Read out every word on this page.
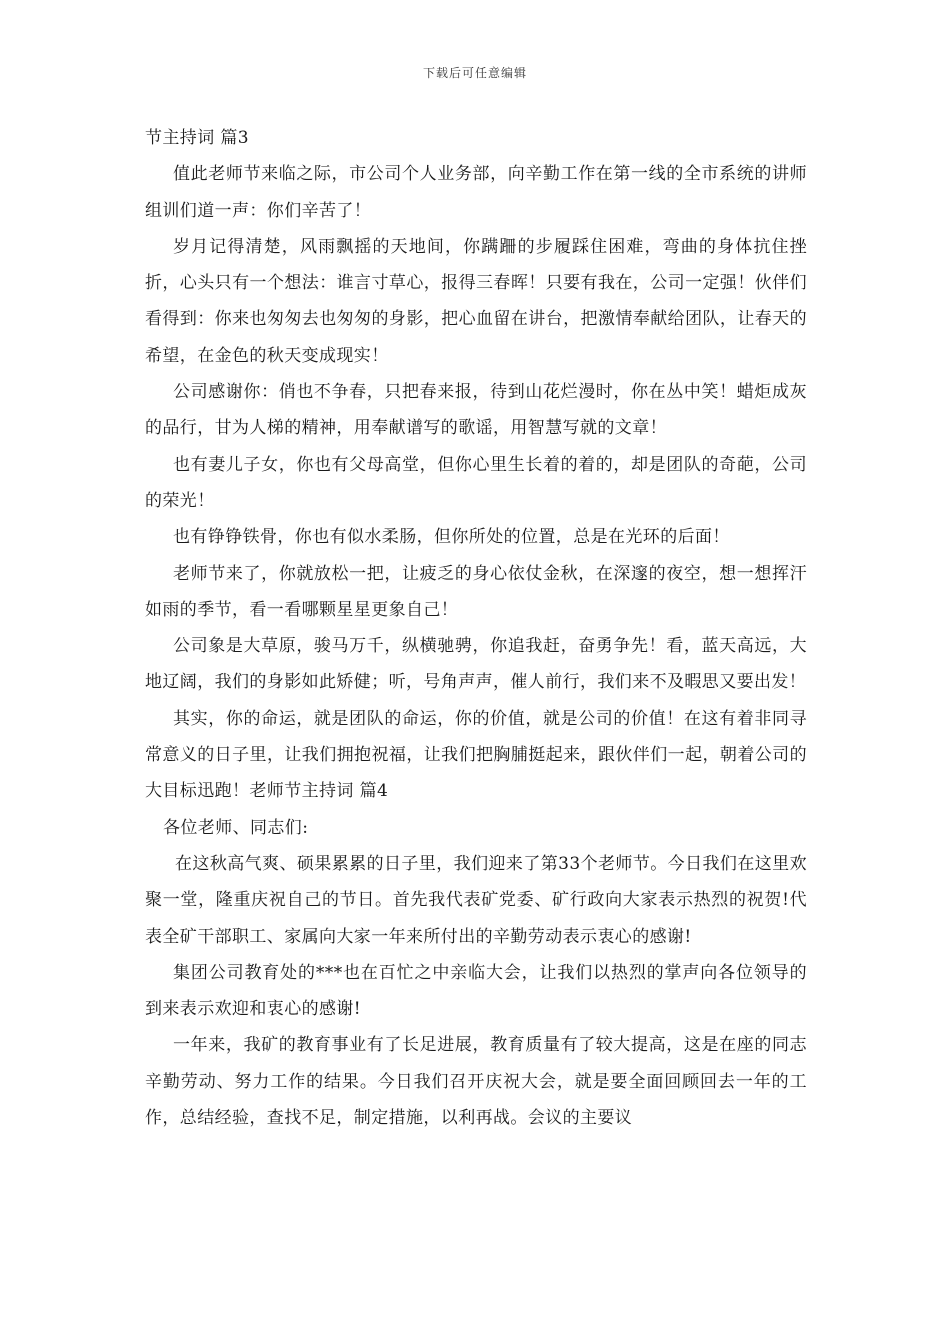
下载后可任意编辑

节主持词 篇3

值此老师节来临之际，市公司个人业务部，向辛勤工作在第一线的全市系统的讲师组训们道一声：你们辛苦了！

岁月记得清楚，风雨飘摇的天地间，你蹒跚的步履踩住困难，弯曲的身体抗住挫折，心头只有一个想法：谁言寸草心，报得三春晖！只要有我在，公司一定强！伙伴们看得到：你来也匆匆去也匆匆的身影，把心血留在讲台，把激情奉献给团队，让春天的希望，在金色的秋天变成现实！

公司感谢你：俏也不争春，只把春来报，待到山花烂漫时，你在丛中笑！蜡炬成灰的品行，甘为人梯的精神，用奉献谱写的歌谣，用智慧写就的文章！

也有妻儿子女，你也有父母高堂，但你心里生长着的着的，却是团队的奇葩，公司的荣光！

也有铮铮铁骨，你也有似水柔肠，但你所处的位置，总是在光环的后面！

老师节来了，你就放松一把，让疲乏的身心依仗金秋，在深邃的夜空，想一想挥汗如雨的季节，看一看哪颗星星更象自己！

公司象是大草原，骏马万千，纵横驰骋，你追我赶，奋勇争先！看，蓝天高远，大地辽阔，我们的身影如此矫健；听，号角声声，催人前行，我们来不及暇思又要出发！

其实，你的命运，就是团队的命运，你的价值，就是公司的价值！在这有着非同寻常意义的日子里，让我们拥抱祝福，让我们把胸脯挺起来，跟伙伴们一起，朝着公司的大目标迅跑！老师节主持词 篇4

各位老师、同志们:

在这秋高气爽、硕果累累的日子里，我们迎来了第33个老师节。今日我们在这里欢聚一堂，隆重庆祝自己的节日。首先我代表矿党委、矿行政向大家表示热烈的祝贺!代表全矿干部职工、家属向大家一年来所付出的辛勤劳动表示衷心的感谢!

集团公司教育处的***也在百忙之中亲临大会，让我们以热烈的掌声向各位领导的到来表示欢迎和衷心的感谢!

一年来，我矿的教育事业有了长足进展，教育质量有了较大提高，这是在座的同志辛勤劳动、努力工作的结果。今日我们召开庆祝大会，就是要全面回顾回去一年的工作，总结经验，查找不足，制定措施，以利再战。会议的主要议
